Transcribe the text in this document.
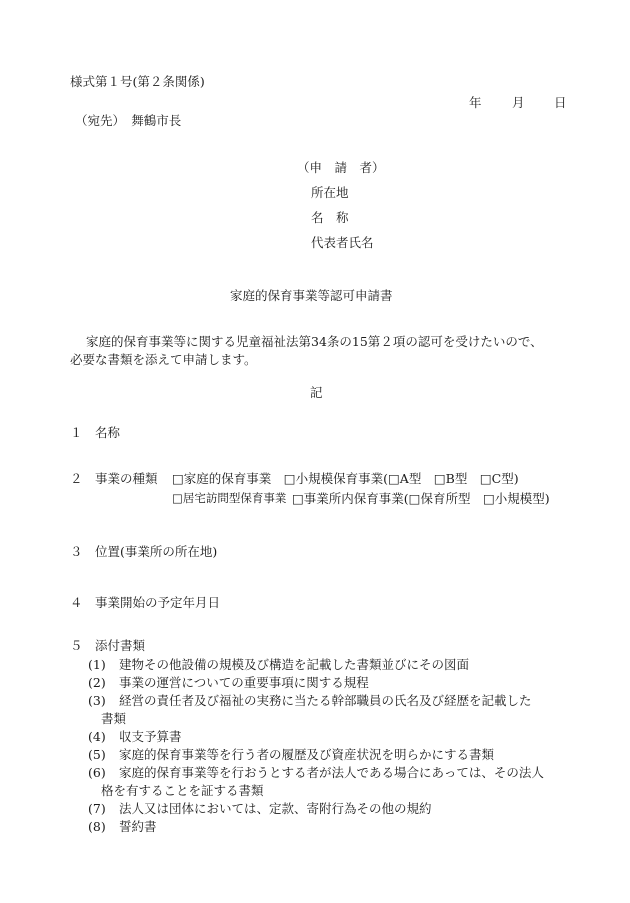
様式第１号(第２条関係)
年 月 日
（宛先）　舞鶴市長
（申　請　者）
所在地
名　称
代表者氏名
家庭的保育事業等認可申請書
家庭的保育事業等に関する児童福祉法第34条の15第２項の認可を受けたいので、
必要な書類を添えて申請します。
記
１　名称
２　事業の種類 □家庭的保育事業　□小規模保育事業(□A型　□B型　□C型)
□居宅訪問型保育事業 □事業所内保育事業(□保育所型　□小規模型)
３　位置(事業所の所在地)
４　事業開始の予定年月日
５　添付書類
(1) 建物その他設備の規模及び構造を記載した書類並びにその図面
(2) 事業の運営についての重要事項に関する規程
(3) 経営の責任者及び福祉の実務に当たる幹部職員の氏名及び経歴を記載した
書類
(4) 収支予算書
(5) 家庭的保育事業等を行う者の履歴及び資産状況を明らかにする書類
(6) 家庭的保育事業等を行おうとする者が法人である場合にあっては、その法人
格を有することを証する書類
(7) 法人又は団体においては、定款、寄附行為その他の規約
(8) 誓約書
